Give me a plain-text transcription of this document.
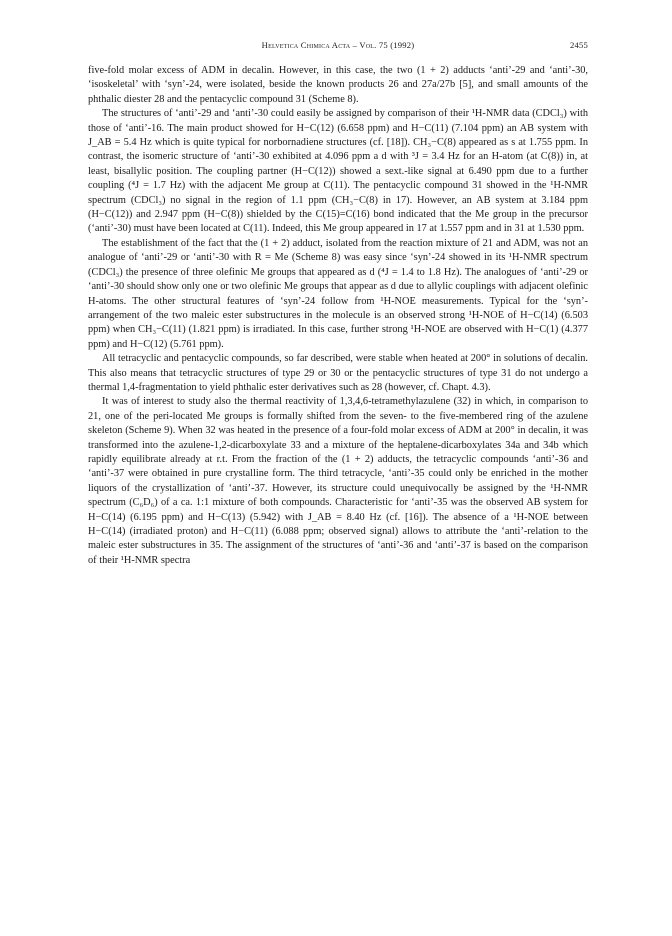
Helvetica Chimica Acta – Vol. 75 (1992)	2455

five-fold molar excess of ADM in decalin. However, in this case, the two (1 + 2) adducts ‘anti’-29 and ‘anti’-30, ‘isoskeletal’ with ‘syn’-24, were isolated, beside the known products 26 and 27a/27b [5], and small amounts of the phthalic diester 28 and the pentacyclic compound 31 (Scheme 8).

The structures of ‘anti’-29 and ‘anti’-30 could easily be assigned by comparison of their ¹H-NMR data (CDCl₃) with those of ‘anti’-16. The main product showed for H−C(12) (6.658 ppm) and H−C(11) (7.104 ppm) an AB system with J_AB = 5.4 Hz which is quite typical for norbornadiene structures (cf. [18]). CH₃−C(8) appeared as s at 1.755 ppm. In contrast, the isomeric structure of ‘anti’-30 exhibited at 4.096 ppm a d with ³J = 3.4 Hz for an H-atom (at C(8)) in, at least, bisallylic position. The coupling partner (H−C(12)) showed a sext.-like signal at 6.490 ppm due to a further coupling (⁴J = 1.7 Hz) with the adjacent Me group at C(11). The pentacyclic compound 31 showed in the ¹H-NMR spectrum (CDCl₃) no signal in the region of 1.1 ppm (CH₃−C(8) in 17). However, an AB system at 3.184 ppm (H−C(12)) and 2.947 ppm (H−C(8)) shielded by the C(15)=C(16) bond indicated that the Me group in the precursor (‘anti’-30) must have been located at C(11). Indeed, this Me group appeared in 17 at 1.557 ppm and in 31 at 1.530 ppm.

The establishment of the fact that the (1 + 2) adduct, isolated from the reaction mixture of 21 and ADM, was not an analogue of ‘anti’-29 or ‘anti’-30 with R = Me (Scheme 8) was easy since ‘syn’-24 showed in its ¹H-NMR spectrum (CDCl₃) the presence of three olefinic Me groups that appeared as d (⁴J = 1.4 to 1.8 Hz). The analogues of ‘anti’-29 or ‘anti’-30 should show only one or two olefinic Me groups that appear as d due to allylic couplings with adjacent olefinic H-atoms. The other structural features of ‘syn’-24 follow from ¹H-NOE measurements. Typical for the ‘syn’-arrangement of the two maleic ester substructures in the molecule is an observed strong ¹H-NOE of H−C(14) (6.503 ppm) when CH₃−C(11) (1.821 ppm) is irradiated. In this case, further strong ¹H-NOE are observed with H−C(1) (4.377 ppm) and H−C(12) (5.761 ppm).

All tetracyclic and pentacyclic compounds, so far described, were stable when heated at 200° in solutions of decalin. This also means that tetracyclic structures of type 29 or 30 or the pentacyclic structures of type 31 do not undergo a thermal 1,4-fragmentation to yield phthalic ester derivatives such as 28 (however, cf. Chapt. 4.3).

It was of interest to study also the thermal reactivity of 1,3,4,6-tetramethylazulene (32) in which, in comparison to 21, one of the peri-located Me groups is formally shifted from the seven- to the five-membered ring of the azulene skeleton (Scheme 9). When 32 was heated in the presence of a four-fold molar excess of ADM at 200° in decalin, it was transformed into the azulene-1,2-dicarboxylate 33 and a mixture of the heptalene-dicarboxylates 34a and 34b which rapidly equilibrate already at r.t. From the fraction of the (1 + 2) adducts, the tetracyclic compounds ‘anti’-36 and ‘anti’-37 were obtained in pure crystalline form. The third tetracycle, ‘anti’-35 could only be enriched in the mother liquors of the crystallization of ‘anti’-37. However, its structure could unequivocally be assigned by the ¹H-NMR spectrum (C₆D₆) of a ca. 1:1 mixture of both compounds. Characteristic for ‘anti’-35 was the observed AB system for H−C(14) (6.195 ppm) and H−C(13) (5.942) with J_AB = 8.40 Hz (cf. [16]). The absence of a ¹H-NOE between H−C(14) (irradiated proton) and H−C(11) (6.088 ppm; observed signal) allows to attribute the ‘anti’-relation to the maleic ester substructures in 35. The assignment of the structures of ‘anti’-36 and ‘anti’-37 is based on the comparison of their ¹H-NMR spectra
